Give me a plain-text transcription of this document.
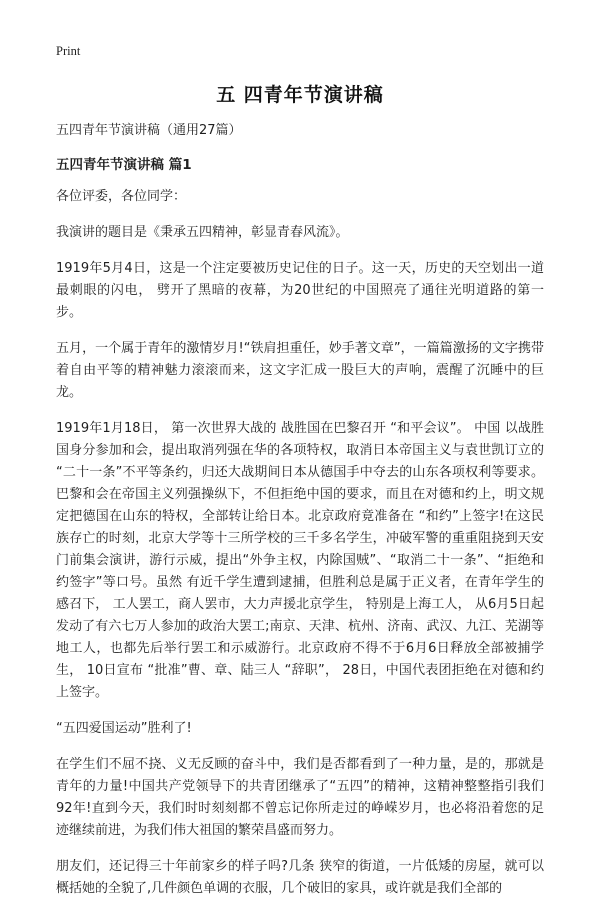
Print
五 四青年节演讲稿

五四青年节演讲稿（通用27篇）

五四青年节演讲稿 篇1

各位评委，各位同学：

我演讲的题目是《秉承五四精神，彰显青春风流》。

1919年5月4日，这是一个注定要被历史记住的日子。这一天，历史的天空划出一道最刺眼的闪电， 劈开了黑暗的夜幕，为20世纪的中国照亮了通往光明道路的第一步。

五月，一个属于青年的激情岁月!“铁肩担重任，妙手著文章”，一篇篇激扬的文字携带着自由平等的精神魅力滚滚而来，这文字汇成一股巨大的声响，震醒了沉睡中的巨龙。

1919年1月18日， 第一次世界大战的 战胜国在巴黎召开 “和平会议”。 中国 以战胜国身分参加和会，提出取消列强在华的各项特权，取消日本帝国主义与袁世凯订立的 “二十一条”不平等条约，归还大战期间日本从德国手中夺去的山东各项权利等要求。巴黎和会在帝国主义列强操纵下，不但拒绝中国的要求，而且在对德和约上，明文规定把德国在山东的特权，全部转让给日本。北京政府竟准备在 “和约”上签字!在这民族存亡的时刻，北京大学等十三所学校的三千多名学生，冲破军警的重重阻挠到天安门前集会演讲，游行示威，提出“外争主权，内除国贼”、“取消二十一条”、“拒绝和约签字”等口号。虽然 有近千学生遭到逮捕，但胜利总是属于正义者，在青年学生的感召下， 工人罢工，商人罢市，大力声援北京学生， 特别是上海工人， 从6月5日起发动了有六七万人参加的政治大罢工;南京、天津、杭州、济南、武汉、九江、芜湖等地工人，也都先后举行罢工和示威游行。北京政府不得不于6月6日释放全部被捕学生， 10日宣布 “批准”曹、章、陆三人 “辞职”， 28日，中国代表团拒绝在对德和约上签字。

“五四爱国运动”胜利了!

在学生们不屈不挠、义无反顾的奋斗中，我们是否都看到了一种力量，是的，那就是青年的力量!中国共产党领导下的共青团继承了“五四”的精神，这精神整整指引我们92年!直到今天，我们时时刻刻都不曾忘记你所走过的峥嵘岁月，也必将沿着您的足迹继续前进，为我们伟大祖国的繁荣昌盛而努力。

朋友们，还记得三十年前家乡的样子吗?几条 狭窄的街道，一片低矮的房屋，就可以概括她的全貌了,几件颜色单调的衣服，几个破旧的家具，或许就是我们全部的
